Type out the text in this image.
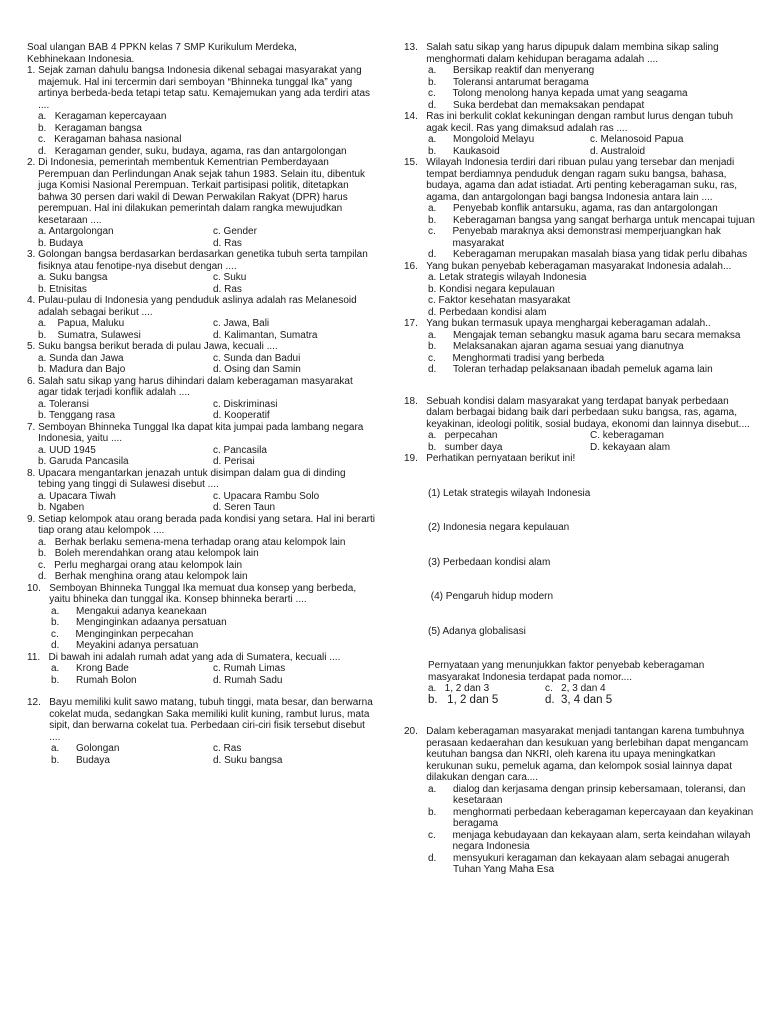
Soal ulangan BAB 4 PPKN kelas 7 SMP Kurikulum Merdeka,
Kebhinekaan Indonesia.
1. Sejak zaman dahulu bangsa Indonesia dikenal sebagai masyarakat yang majemuk. Hal ini tercermin dari semboyan “Bhinneka tunggal Ika” yang artinya berbeda-beda tetapi tetap satu. Kemajemukan yang ada terdiri atas ....
a. Keragaman kepercayaan
b. Keragaman bangsa
c. Keragaman bahasa nasional
d. Keragaman gender, suku, budaya, agama, ras dan antargolongan
2. Di Indonesia, pemerintah membentuk Kementrian Pemberdayaan Perempuan dan Perlindungan Anak sejak tahun 1983. Selain itu, dibentuk juga Komisi Nasional Perempuan. Terkait partisipasi politik, ditetapkan bahwa 30 persen dari wakil di Dewan Perwakilan Rakyat (DPR) harus perempuan. Hal ini dilakukan pemerintah dalam rangka mewujudkan kesetaraan ....
a. Antargolongan	c. Gender
b. Budaya	d. Ras
3. Golongan bangsa berdasarkan berdasarkan genetika tubuh serta tampilan fisiknya atau fenotipe-nya disebut dengan ....
a. Suku bangsa	c. Suku
b. Etnisitas	d. Ras
4. Pulau-pulau di Indonesia yang penduduk aslinya adalah ras Melanesoid adalah sebagai berikut ....
a.    Papua, Maluku	c. Jawa, Bali
b.    Sumatra, Sulawesi	d. Kalimantan, Sumatra
5. Suku bangsa berikut berada di pulau Jawa, kecuali ....
a. Sunda dan Jawa	c. Sunda dan Badui
b. Madura dan Bajo	d. Osing dan Samin
6. Salah satu sikap yang harus dihindari dalam keberagaman masyarakat agar tidak terjadi konflik adalah ....
a. Toleransi	c. Diskriminasi
b. Tenggang rasa	d. Kooperatif
7. Semboyan Bhinneka Tunggal Ika dapat kita jumpai pada lambang negara Indonesia, yaitu ....
a. UUD 1945	c. Pancasila
b. Garuda Pancasila	d. Perisai
8. Upacara mengantarkan jenazah untuk disimpan dalam gua di dinding tebing yang tinggi di Sulawesi disebut ....
a. Upacara Tiwah	c. Upacara Rambu Solo
b. Ngaben	d. Seren Taun
9. Setiap kelompok atau orang berada pada kondisi yang setara. Hal ini berarti tiap orang atau kelompok ....
a. Berhak berlaku semena-mena terhadap orang atau kelompok lain
b. Boleh merendahkan orang atau kelompok lain
c. Perlu meghargai orang atau kelompok lain
d. Berhak menghina orang atau kelompok lain
10. Semboyan Bhinneka Tunggal Ika memuat dua konsep yang berbeda, yaitu bhineka dan tunggal ika. Konsep bhinneka berarti ....
a. Mengakui adanya keanekaan
b. Menginginkan adaanya persatuan
c. Menginginkan perpecahan
d. Meyakini adanya persatuan
11. Di bawah ini adalah rumah adat yang ada di Sumatera, kecuali ....
a.      Krong Bade	c. Rumah Limas
b.      Rumah Bolon	d. Rumah Sadu
12. Bayu memiliki kulit sawo matang, tubuh tinggi, mata besar, dan berwarna cokelat muda, sedangkan Saka memiliki kulit kuning, rambut lurus, mata sipit, dan berwarna cokelat tua. Perbedaan ciri-ciri fisik tersebut disebut ....
a.      Golongan	c. Ras
b.      Budaya	d. Suku bangsa
13. Salah satu sikap yang harus dipupuk dalam membina sikap saling menghormati dalam kehidupan beragama adalah ....
a. Bersikap reaktif dan menyerang
b. Toleransi antarumat beragama
c. Tolong menolong hanya kepada umat yang seagama
d. Suka berdebat dan memaksakan pendapat
14. Ras ini berkulit coklat kekuningan dengan rambut lurus dengan tubuh agak kecil. Ras yang dimaksud adalah ras ....
a.      Mongoloid Melayu	c. Melanosoid Papua
b.      Kaukasoid	d. Australoid
15. Wilayah Indonesia terdiri dari ribuan pulau yang tersebar dan menjadi tempat berdiamnya penduduk dengan ragam suku bangsa, bahasa, budaya, agama dan adat istiadat. Arti penting keberagaman suku, ras, agama, dan antargolongan bagi bangsa Indonesia antara lain ....
a. Penyebab konflik antarsuku, agama, ras dan antargolongan
b. Keberagaman bangsa yang sangat berharga untuk mencapai tujuan
c. Penyebab maraknya aksi demonstrasi memperjuangkan hak masyarakat
d. Keberagaman merupakan masalah biasa yang tidak perlu dibahas
16. Yang bukan penyebab keberagaman masyarakat Indonesia adalah...
a. Letak strategis wilayah Indonesia
b. Kondisi negara kepulauan
c. Faktor kesehatan masyarakat
d. Perbedaan kondisi alam
17. Yang bukan termasuk upaya menghargai keberagaman adalah..
a. Mengajak teman sebangku masuk agama baru secara memaksa
b. Melaksanakan ajaran agama sesuai yang dianutnya
c. Menghormati tradisi yang berbeda
d. Toleran terhadap pelaksanaan ibadah pemeluk agama lain
18. Sebuah kondisi dalam masyarakat yang terdapat banyak perbedaan dalam berbagai bidang baik dari perbedaan suku bangsa, ras, agama, keyakinan, ideologi politik, sosial budaya, ekonomi dan lainnya disebut....
a.   perpecahan	C. keberagaman
b.   sumber daya	D. kekayaan alam
19. Perhatikan pernyataan berikut ini!

(1) Letak strategis wilayah Indonesia

(2) Indonesia negara kepulauan

(3) Perbedaan kondisi alam

(4) Pengaruh hidup modern

(5) Adanya globalisasi

Pernyataan yang menunjukkan faktor penyebab keberagaman masyarakat Indonesia terdapat pada nomor....
a.   1, 2 dan 3	c.   2, 3 dan 4
b.   1, 2 dan 5	d.  3, 4 dan 5
20. Dalam keberagaman masyarakat menjadi tantangan karena tumbuhnya perasaan kedaerahan dan kesukuan yang berlebihan dapat mengancam keutuhan bangsa dan NKRI, oleh karena itu upaya meningkatkan kerukunan suku, pemeluk agama, dan kelompok sosial lainnya dapat dilakukan dengan cara....
a. dialog dan kerjasama dengan prinsip kebersamaan, toleransi, dan kesetaraan
b. menghormati perbedaan keberagaman kepercayaan dan keyakinan beragama
c. menjaga kebudayaan dan kekayaan alam, serta keindahan wilayah negara Indonesia
d. mensyukuri keragaman dan kekayaan alam sebagai anugerah Tuhan Yang Maha Esa
